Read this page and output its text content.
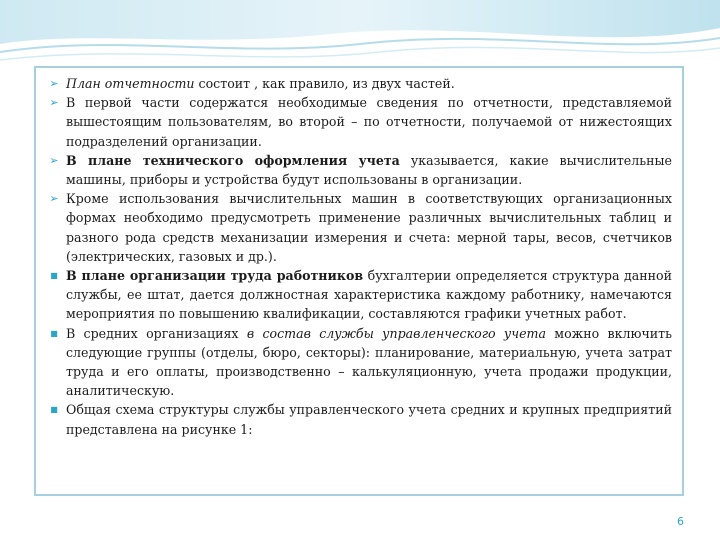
➢
План отчетности состоит , как правило, из двух частей.
➢
В первой части содержатся необходимые сведения по отчетности, представляемой вышестоящим пользователям, во второй – по отчетности, получаемой от нижестоящих подразделений организации.
➢
В плане технического оформления учета указывается, какие вычислительные машины, приборы и устройства будут использованы в организации.
➢
Кроме использования вычислительных машин в соответствующих организационных формах необходимо предусмотреть применение различных вычислительных таблиц и разного рода средств механизации измерения и счета: мерной тары, весов, счетчиков (электрических, газовых и др.).
■
В плане организации труда работников бухгалтерии определяется структура данной службы, ее штат, дается должностная характеристика каждому работнику, намечаются мероприятия по повышению квалификации, составляются графики учетных работ.
■
В средних организациях в состав службы управленческого учета можно включить следующие группы (отделы, бюро, секторы): планирование, материальную, учета затрат труда и его оплаты, производственно – калькуляционную, учета продажи продукции, аналитическую.
■
Общая схема структуры службы управленческого учета средних и крупных предприятий представлена на рисунке 1:
6
